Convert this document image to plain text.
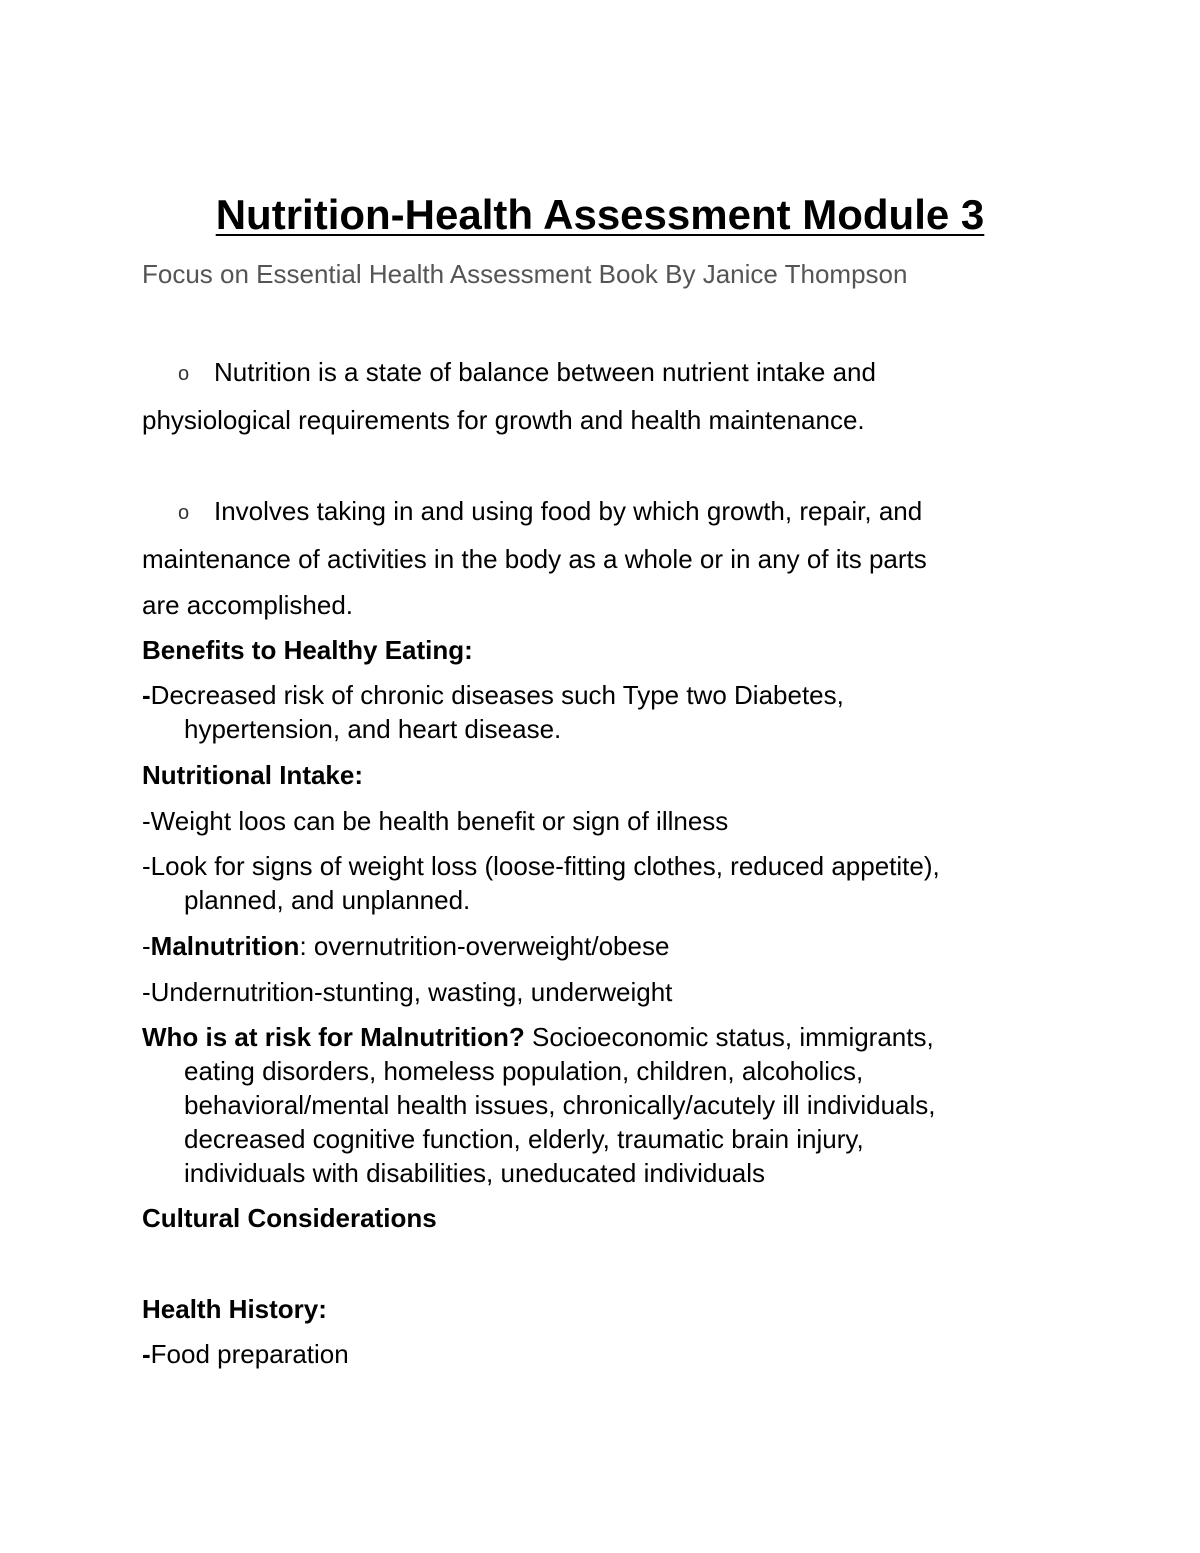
Nutrition-Health Assessment Module 3
Focus on Essential Health Assessment Book By Janice Thompson
o Nutrition is a state of balance between nutrient intake and
physiological requirements for growth and health maintenance.
o Involves taking in and using food by which growth, repair, and
maintenance of activities in the body as a whole or in any of its parts
are accomplished.
Benefits to Healthy Eating:
-Decreased risk of chronic diseases such Type two Diabetes,
hypertension, and heart disease.
Nutritional Intake:
-Weight loos can be health benefit or sign of illness
-Look for signs of weight loss (loose-fitting clothes, reduced appetite),
planned, and unplanned.
-Malnutrition: overnutrition-overweight/obese
-Undernutrition-stunting, wasting, underweight
Who is at risk for Malnutrition? Socioeconomic status, immigrants,
eating disorders, homeless population, children, alcoholics,
behavioral/mental health issues, chronically/acutely ill individuals,
decreased cognitive function, elderly, traumatic brain injury,
individuals with disabilities, uneducated individuals
Cultural Considerations
Health History:
-Food preparation
